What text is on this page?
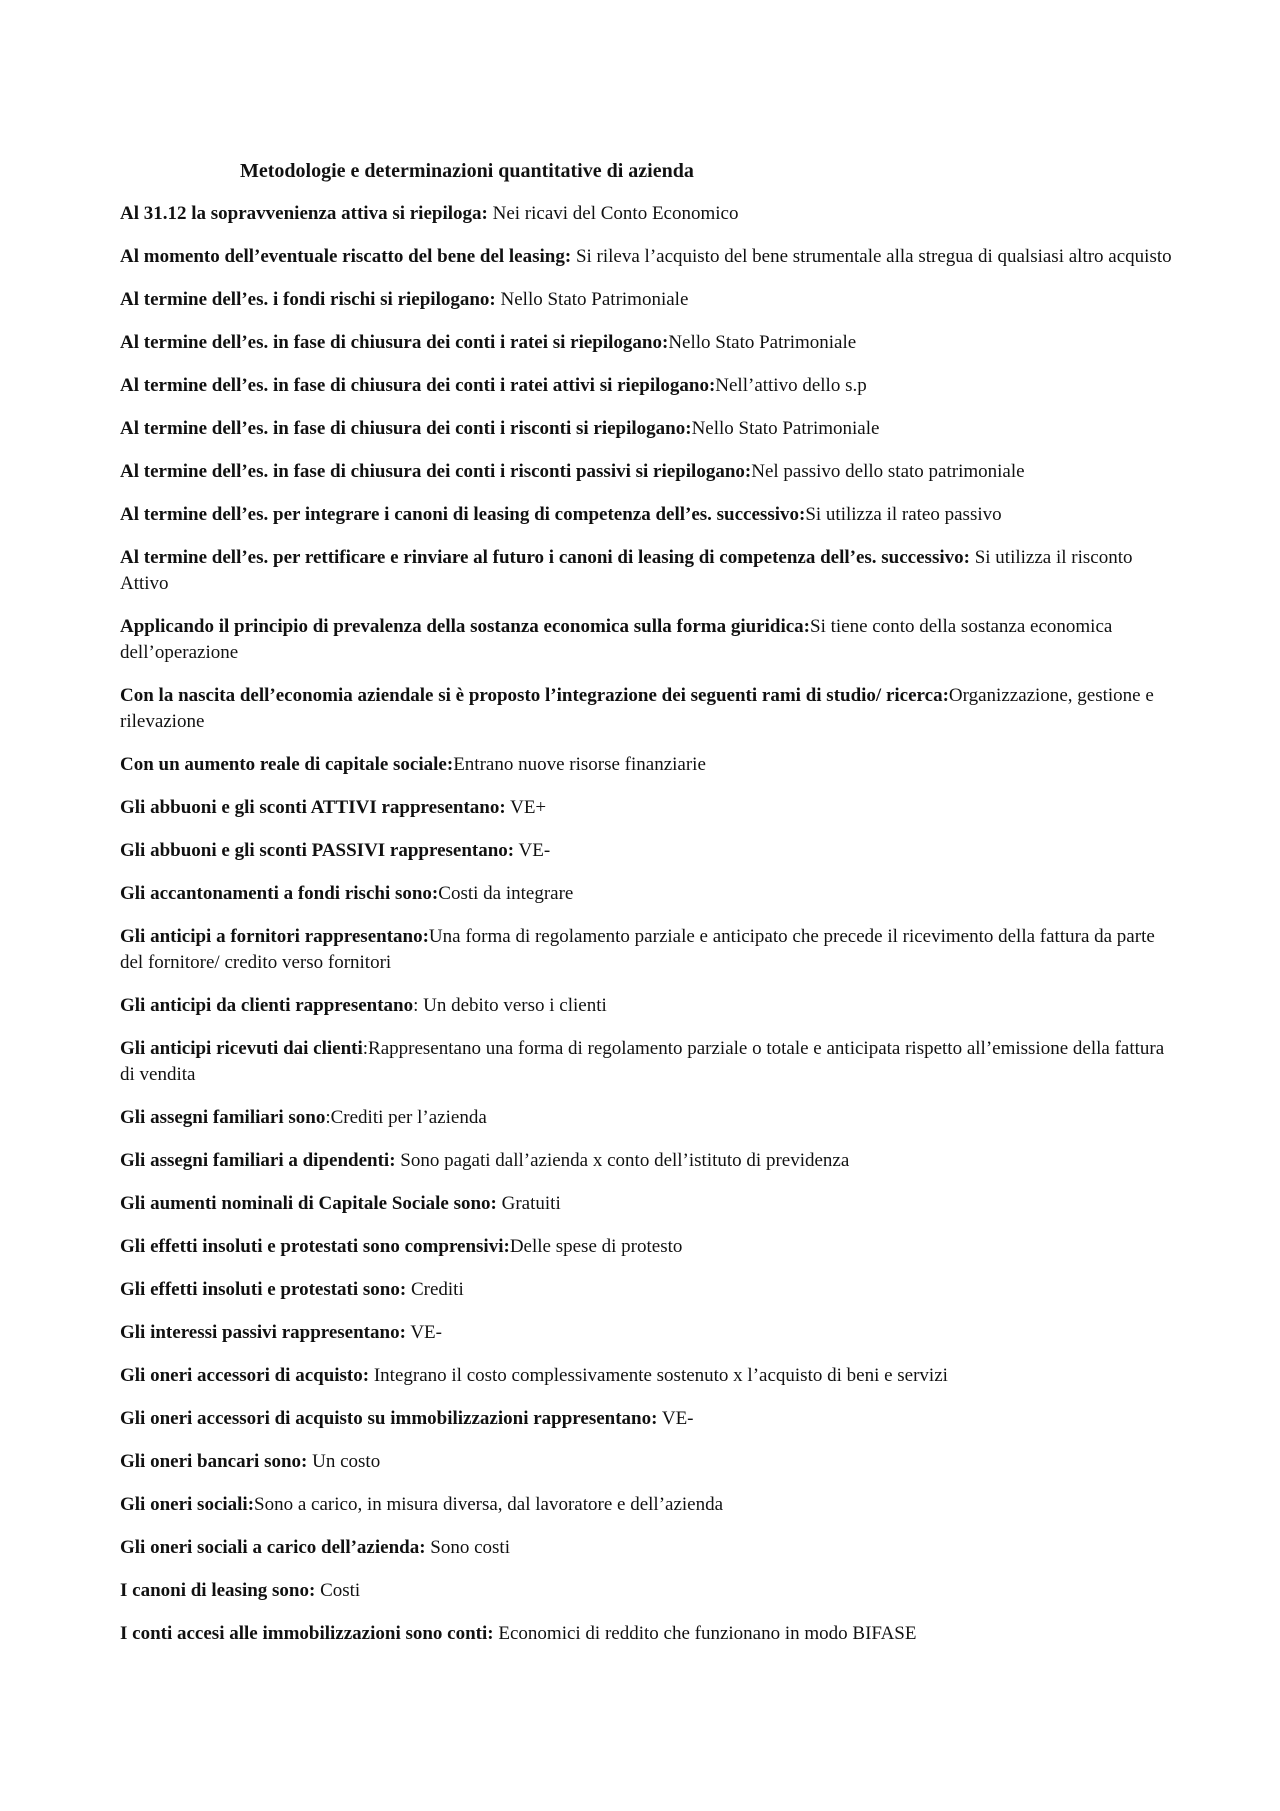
Metodologie e determinazioni quantitative di azienda

Al 31.12 la sopravvenienza attiva si riepiloga: Nei ricavi del Conto Economico

Al momento dell’eventuale riscatto del bene del leasing: Si rileva l’acquisto del bene strumentale alla stregua di qualsiasi altro acquisto

Al termine dell’es. i fondi rischi si riepilogano: Nello Stato Patrimoniale

Al termine dell’es. in fase di chiusura dei conti i ratei si riepilogano:Nello Stato Patrimoniale

Al termine dell’es. in fase di chiusura dei conti i ratei attivi si riepilogano:Nell’attivo dello s.p

Al termine dell’es. in fase di chiusura dei conti i risconti si riepilogano:Nello Stato Patrimoniale

Al termine dell’es. in fase di chiusura dei conti i risconti passivi si riepilogano:Nel passivo dello stato patrimoniale

Al termine dell’es. per integrare i canoni di leasing di competenza dell’es. successivo:Si utilizza il rateo passivo

Al termine dell’es. per rettificare e rinviare al futuro i canoni di leasing di competenza dell’es. successivo: Si utilizza il risconto Attivo

Applicando il principio di prevalenza della sostanza economica sulla forma giuridica:Si tiene conto della sostanza economica dell’operazione

Con la nascita dell’economia aziendale si è proposto l’integrazione dei seguenti rami di studio/ ricerca:Organizzazione, gestione e rilevazione

Con un aumento reale di capitale sociale:Entrano nuove risorse finanziarie

Gli abbuoni e gli sconti ATTIVI rappresentano: VE+

Gli abbuoni e gli sconti PASSIVI rappresentano: VE-

Gli accantonamenti a fondi rischi sono:Costi da integrare

Gli anticipi a fornitori rappresentano:Una forma di regolamento parziale e anticipato che precede il ricevimento della fattura da parte del fornitore/ credito verso fornitori

Gli anticipi da clienti rappresentano: Un debito verso i clienti

Gli anticipi ricevuti dai clienti:Rappresentano una forma di regolamento parziale o totale e anticipata rispetto all’emissione della fattura di vendita

Gli assegni familiari sono:Crediti per l’azienda

Gli assegni familiari a dipendenti: Sono pagati dall’azienda x conto dell’istituto di previdenza

Gli aumenti nominali di Capitale Sociale sono: Gratuiti

Gli effetti insoluti e protestati sono comprensivi:Delle spese di protesto

Gli effetti insoluti e protestati sono: Crediti

Gli interessi passivi rappresentano: VE-

Gli oneri accessori di acquisto: Integrano il costo complessivamente sostenuto x l’acquisto di beni e servizi

Gli oneri accessori di acquisto su immobilizzazioni rappresentano: VE-

Gli oneri bancari sono: Un costo

Gli oneri sociali:Sono a carico, in misura diversa, dal lavoratore e dell’azienda

Gli oneri sociali a carico dell’azienda: Sono costi

I canoni di leasing sono: Costi

I conti accesi alle immobilizzazioni sono conti: Economici di reddito che funzionano in modo BIFASE
